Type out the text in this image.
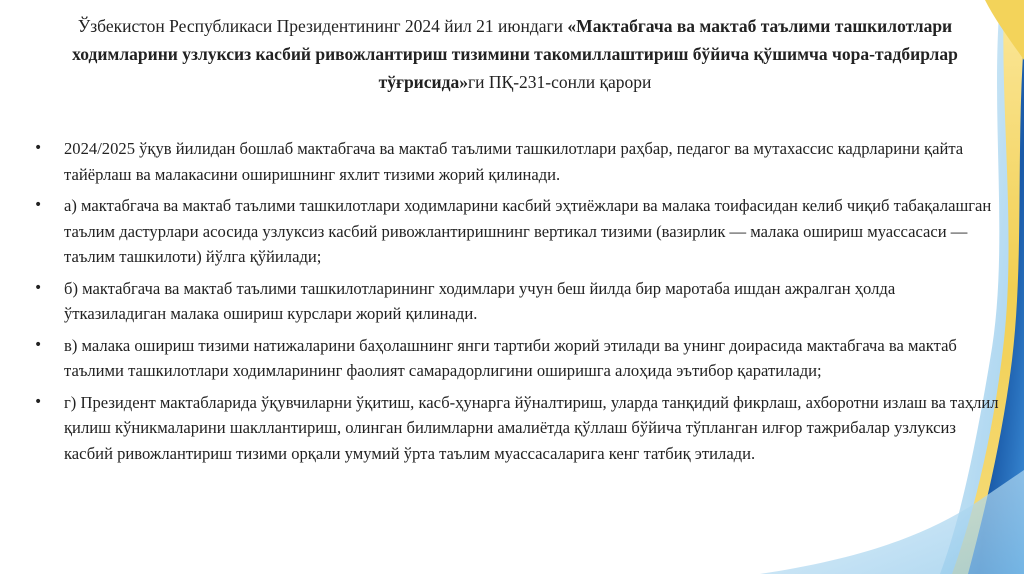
Ўзбекистон Республикаси Президентининг 2024 йил 21 июндаги «Мактабгача ва мактаб таълими ташкилотлари ходимларини узлуксиз касбий ривожлантириш тизимини такомиллаштириш бўйича қўшимча чора-тадбирлар тўғрисида»ги ПҚ-231-сонли қарори
•	2024/2025 ўқув йилидан бошлаб мактабгача ва мактаб таълими ташкилотлари раҳбар, педагог ва мутахассис кадрларини қайта тайёрлаш ва малакасини оширишнинг яхлит тизими жорий қилинади.
•	а) мактабгача ва мактаб таълими ташкилотлари ходимларини касбий эҳтиёжлари ва малака тоифасидан келиб чиқиб табақалашган таълим дастурлари асосида узлуксиз касбий ривожлантиришнинг вертикал тизими (вазирлик — малака ошириш муассасаси — таълим ташкилоти) йўлга қўйилади;
•	б) мактабгача ва мактаб таълими ташкилотларининг ходимлари учун беш йилда бир маротаба ишдан ажралган ҳолда ўтказиладиган малака ошириш курслари жорий қилинади.
•	в) малака ошириш тизими натижаларини баҳолашнинг янги тартиби жорий этилади ва унинг доирасида мактабгача ва мактаб таълими ташкилотлари ходимларининг фаолият самарадорлигини оширишга алоҳида эътибор қаратилади;
•	г) Президент мактабларида ўқувчиларни ўқитиш, касб-ҳунарга йўналтириш, уларда танқидий фикрлаш, ахборотни излаш ва таҳлил қилиш кўникмаларини шакллантириш, олинган билимларни амалиётда қўллаш бўйича тўпланган илғор тажрибалар узлуксиз касбий ривожлантириш тизими орқали умумий ўрта таълим муассасаларига кенг татбиқ этилади.
